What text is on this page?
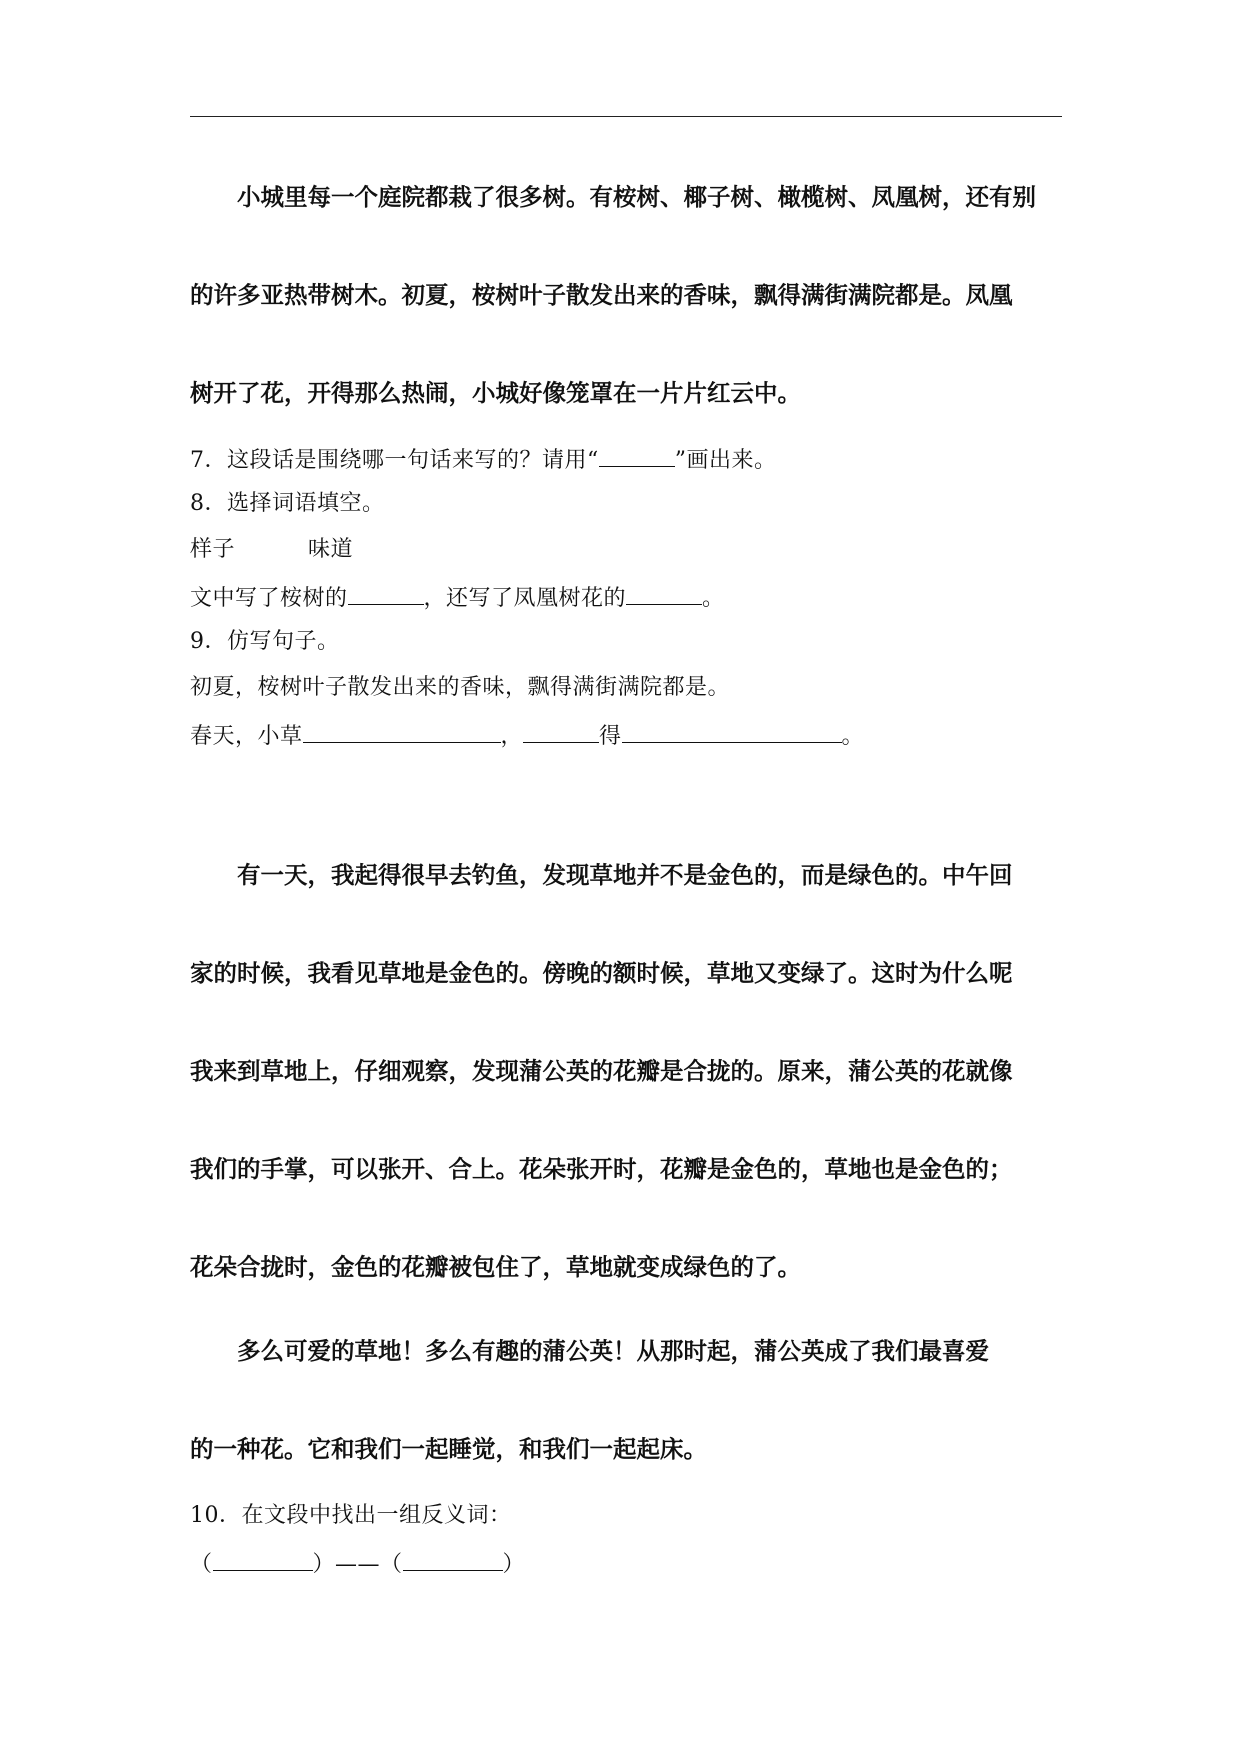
　　小城里每一个庭院都栽了很多树。有桉树、椰子树、橄榄树、凤凰树，还有别
的许多亚热带树木。初夏，桉树叶子散发出来的香味，飘得满街满院都是。凤凰
树开了花，开得那么热闹，小城好像笼罩在一片片红云中。
7．这段话是围绕哪一句话来写的？请用“	”画出来。
8．选择词语填空。
样子	味道
文中写了桉树的	，还写了凤凰树花的	。
9．仿写句子。
初夏，桉树叶子散发出来的香味，飘得满街满院都是。
春天，小草	，	得	。
　　有一天，我起得很早去钓鱼，发现草地并不是金色的，而是绿色的。中午回
家的时候，我看见草地是金色的。傍晚的额时候，草地又变绿了。这时为什么呢
我来到草地上，仔细观察，发现蒲公英的花瓣是合拢的。原来，蒲公英的花就像
我们的手掌，可以张开、合上。花朵张开时，花瓣是金色的，草地也是金色的；
花朵合拢时，金色的花瓣被包住了，草地就变成绿色的了。
　　多么可爱的草地！多么有趣的蒲公英！从那时起，蒲公英成了我们最喜爱
的一种花。它和我们一起睡觉，和我们一起起床。
10．在文段中找出一组反义词：
（	）——（	）
